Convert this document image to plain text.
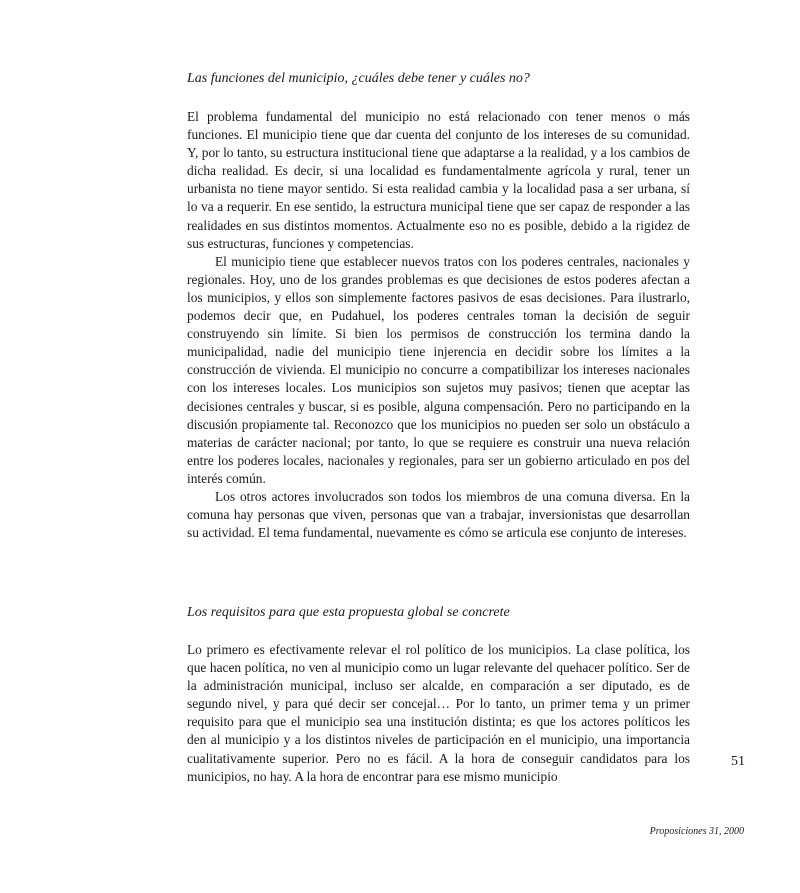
Las funciones del municipio, ¿cuáles debe tener y cuáles no?

El problema fundamental del municipio no está relacionado con tener menos o más funciones. El municipio tiene que dar cuenta del conjunto de los intereses de su comunidad. Y, por lo tanto, su estructura institucional tiene que adaptarse a la realidad, y a los cambios de dicha realidad. Es decir, si una localidad es fundamentalmente agrícola y rural, tener un urbanista no tiene mayor sentido. Si esta realidad cambia y la localidad pasa a ser urbana, sí lo va a requerir. En ese sentido, la estructura municipal tiene que ser capaz de responder a las realidades en sus distintos momentos. Actualmente eso no es posible, debido a la rigidez de sus estructuras, funciones y competencias.

El municipio tiene que establecer nuevos tratos con los poderes centrales, nacionales y regionales. Hoy, uno de los grandes problemas es que decisiones de estos poderes afectan a los municipios, y ellos son simplemente factores pasivos de esas decisiones. Para ilustrarlo, podemos decir que, en Pudahuel, los poderes centrales toman la decisión de seguir construyendo sin límite. Si bien los permisos de construcción los termina dando la municipalidad, nadie del municipio tiene injerencia en decidir sobre los límites a la construcción de vivienda. El municipio no concurre a compatibilizar los intereses nacionales con los intereses locales. Los municipios son sujetos muy pasivos; tienen que aceptar las decisiones centrales y buscar, si es posible, alguna compensación. Pero no participando en la discusión propiamente tal. Reconozco que los municipios no pueden ser solo un obstáculo a materias de carácter nacional; por tanto, lo que se requiere es construir una nueva relación entre los poderes locales, nacionales y regionales, para ser un gobierno articulado en pos del interés común.

Los otros actores involucrados son todos los miembros de una comuna diversa. En la comuna hay personas que viven, personas que van a trabajar, inversionistas que desarrollan su actividad. El tema fundamental, nuevamente es cómo se articula ese conjunto de intereses.

Los requisitos para que esta propuesta global se concrete

Lo primero es efectivamente relevar el rol político de los municipios. La clase política, los que hacen política, no ven al municipio como un lugar relevante del quehacer político. Ser de la administración municipal, incluso ser alcalde, en comparación a ser diputado, es de segundo nivel, y para qué decir ser concejal… Por lo tanto, un primer tema y un primer requisito para que el municipio sea una institución distinta; es que los actores políticos les den al municipio y a los distintos niveles de participación en el municipio, una importancia cualitativamente superior. Pero no es fácil. A la hora de conseguir candidatos para los municipios, no hay. A la hora de encontrar para ese mismo municipio

51
Proposiciones 31, 2000
